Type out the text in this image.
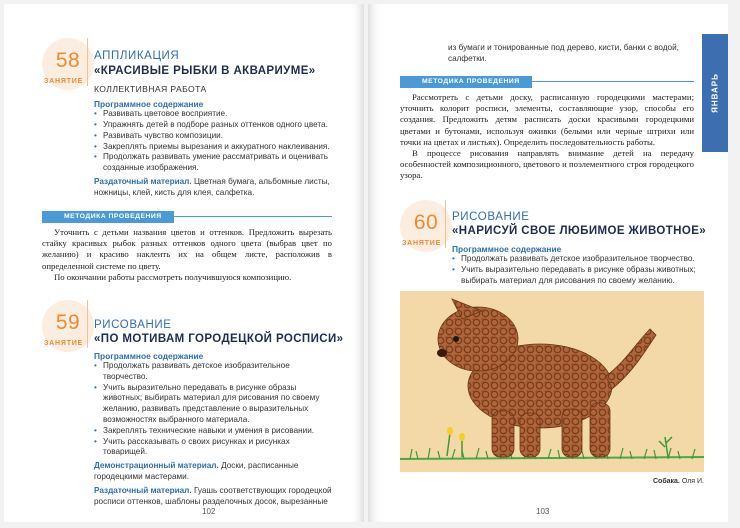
58
ЗАНЯТИЕ
АППЛИКАЦИЯ
«КРАСИВЫЕ РЫБКИ В АКВАРИУМЕ»
КОЛЛЕКТИВНАЯ РАБОТА
Программное содержание
• Развивать цветовое восприятие.
• Упражнять детей в подборе разных оттенков одного цвета.
• Развивать чувство композиции.
• Закреплять приемы вырезания и аккуратного наклеивания.
• Продолжать развивать умение рассматривать и оценивать созданные изображения.
Раздаточный материал. Цветная бумага, альбомные листы, ножницы, клей, кисть для клея, салфетка.
МЕТОДИКА ПРОВЕДЕНИЯ

Уточнить с детьми названия цветов и оттенков. Предложить вырезать стайку красивых рыбок разных оттенков одного цвета (выбрав цвет по желанию) и красиво наклеить их на общем листе, расположив в определенной системе по цвету.

По окончании работы рассмотреть получившуюся композицию.

59
ЗАНЯТИЕ
РИСОВАНИЕ
«ПО МОТИВАМ ГОРОДЕЦКОЙ РОСПИСИ»
Программное содержание
• Продолжать развивать детское изобразительное творчество.
• Учить выразительно передавать в рисунке образы животных; выбирать материал для рисования по своему желанию, развивать представление о выразительных возможностях выбранного материала.
• Закреплять технические навыки и умения в рисовании.
• Учить рассказывать о своих рисунках и рисунках товарищей.
Демонстрационный материал. Доски, расписанные городецкими мастерами.
Раздаточный материал. Гуашь соответствующих городецкой росписи оттенков, шаблоны разделочных досок, вырезанные
102
ЯНВАРЬ
из бумаги и тонированные под дерево, кисти, банки с водой, салфетки.
МЕТОДИКА ПРОВЕДЕНИЯ

Рассмотреть с детьми доску, расписанную городецкими мастерами; уточнить колорит росписи, элементы, составляющие узор, способы его создания. Предложить детям расписать доски красивыми городецкими цветами и бутонами, используя оживки (белыми или черные штрихи или точки на цветах и листьях). Определить последовательность работы.

В процессе рисования направлять внимание детей на передачу особенностей композиционного, цветового и поэлементного строя городецкого узора.

60
ЗАНЯТИЕ
РИСОВАНИЕ
«НАРИСУЙ СВОЕ ЛЮБИМОЕ ЖИВОТНОЕ»
Программное содержание
• Продолжать развивать детское изобразительное творчество.
• Учить выразительно передавать в рисунке образы животных; выбирать материал для рисования по своему желанию.
Собака. Оля И.
103
